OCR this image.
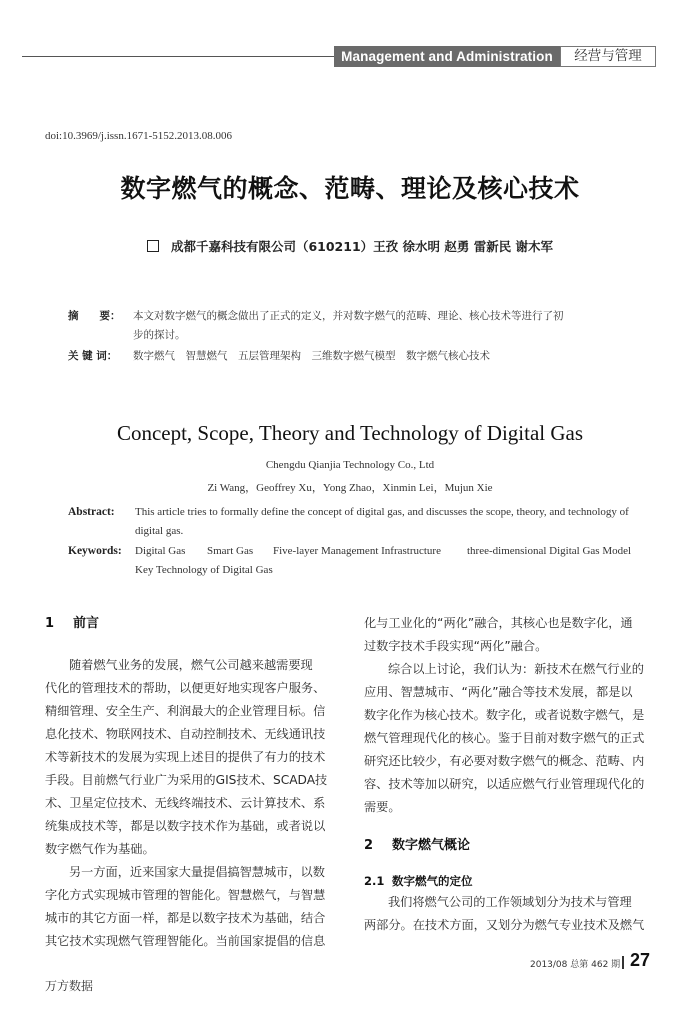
Management and Administration	经营与管理
doi:10.3969/j.issn.1671-5152.2013.08.006
数字燃气的概念、范畴、理论及核心技术
成都千嘉科技有限公司（610211）王孜 徐水明 赵勇 雷新民 谢木军
摘　　要： 本文对数字燃气的概念做出了正式的定义，并对数字燃气的范畴、理论、核心技术等进行了初
步的探讨。
关 键 词： 数字燃气　智慧燃气　五层管理架构　三维数字燃气模型　数字燃气核心技术
Concept, Scope, Theory and Technology of Digital Gas
Chengdu Qianjia Technology Co., Ltd
Zi Wang，Geoffrey Xu，Yong Zhao，Xinmin Lei，Mujun Xie
Abstract: This article tries to formally define the concept of digital gas, and discusses the scope, theory, and technology of
digital gas.
Keywords: Digital Gas Smart Gas Five-layer Management Infrastructure three-dimensional Digital Gas Model
Key Technology of Digital Gas
1 前言

随着燃气业务的发展，燃气公司越来越需要现

代化的管理技术的帮助，以便更好地实现客户服务、

精细管理、安全生产、利润最大的企业管理目标。信

息化技术、物联网技术、自动控制技术、无线通讯技

术等新技术的发展为实现上述目的提供了有力的技术

手段。目前燃气行业广为采用的GIS技术、SCADA技

术、卫星定位技术、无线终端技术、云计算技术、系

统集成技术等，都是以数字技术作为基础，或者说以

数字燃气作为基础。

另一方面，近来国家大量提倡搞智慧城市，以数

字化方式实现城市管理的智能化。智慧燃气，与智慧

城市的其它方面一样，都是以数字技术为基础，结合

其它技术实现燃气管理智能化。当前国家提倡的信息

化与工业化的“两化”融合，其核心也是数字化，通

过数字技术手段实现“两化”融合。

综合以上讨论，我们认为：新技术在燃气行业的

应用、智慧城市、“两化”融合等技术发展，都是以

数字化作为核心技术。数字化，或者说数字燃气，是

燃气管理现代化的核心。鉴于目前对数字燃气的正式

研究还比较少，有必要对数字燃气的概念、范畴、内

容、技术等加以研究，以适应燃气行业管理现代化的

需要。

2 数字燃气概论
2.1 数字燃气的定位

我们将燃气公司的工作领域划分为技术与管理

两部分。在技术方面，又划分为燃气专业技术及燃气

2013/08 总第 462 期 27
万方数据
